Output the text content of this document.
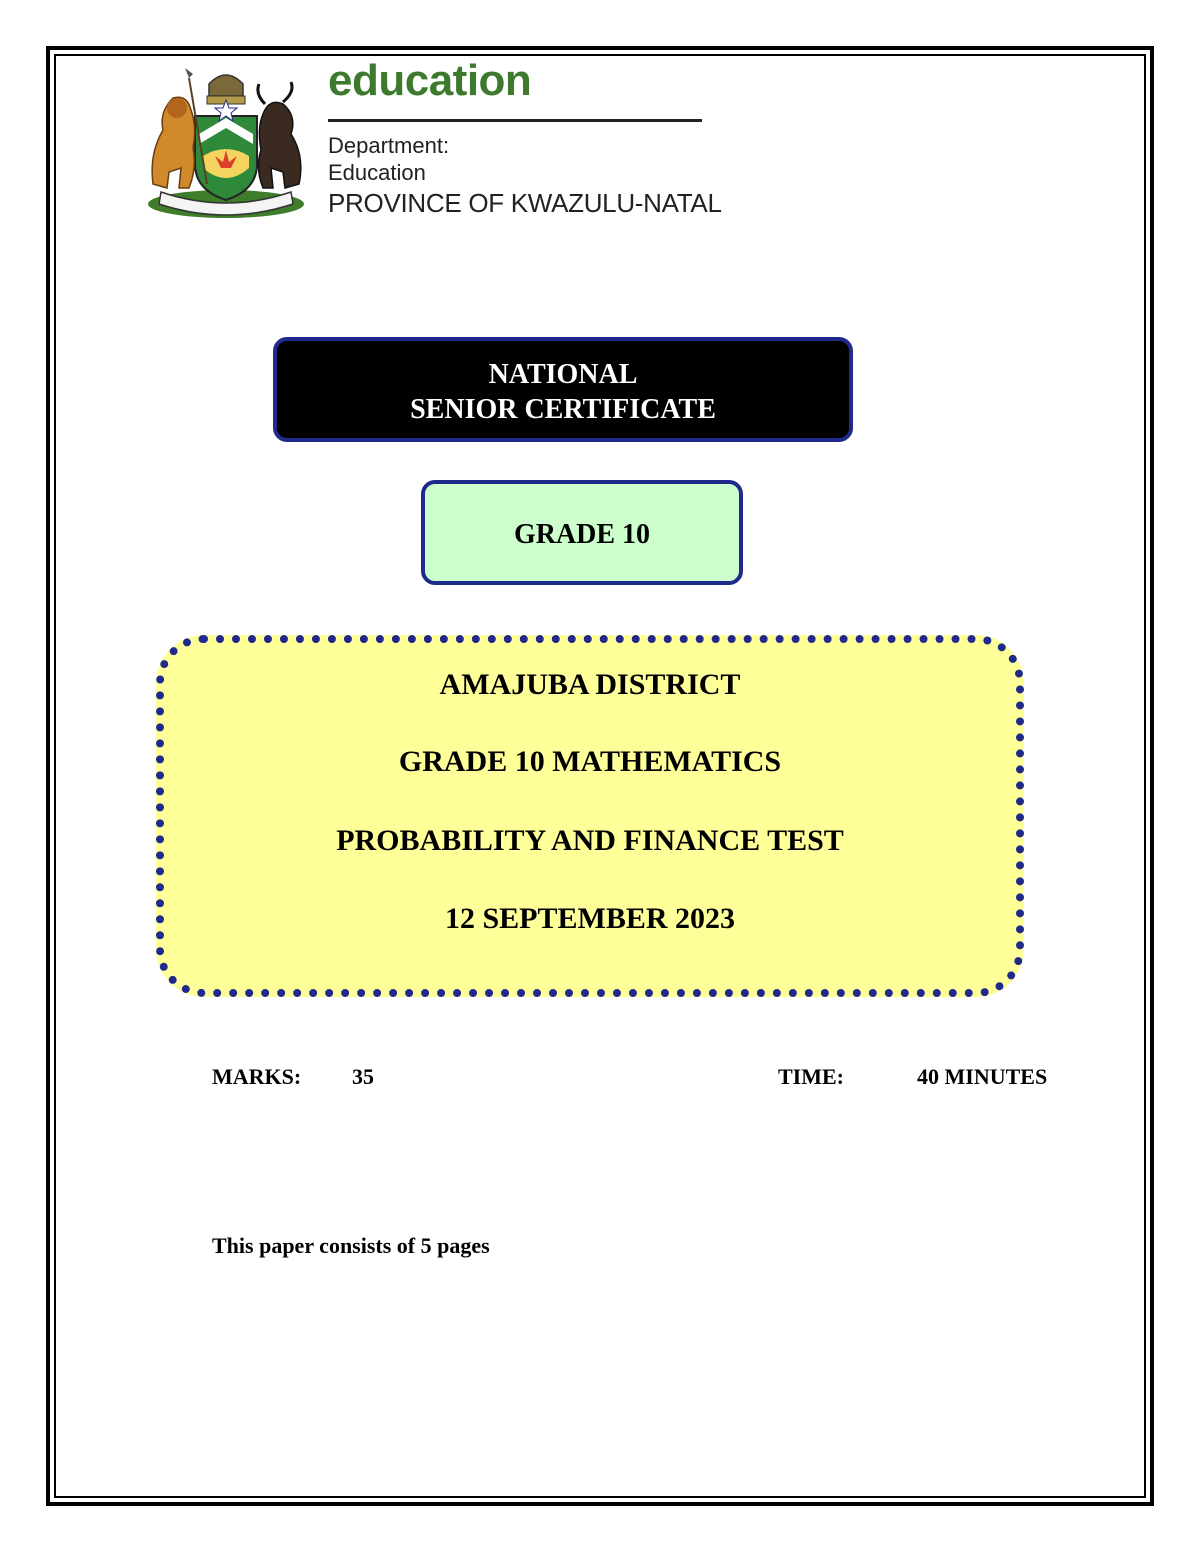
education
Department:
Education
PROVINCE OF KWAZULU-NATAL
NATIONAL
SENIOR CERTIFICATE
GRADE 10
AMAJUBA DISTRICT
GRADE 10 MATHEMATICS
PROBABILITY AND FINANCE TEST
12 SEPTEMBER 2023
MARKS: 35	TIME:	40 MINUTES
This paper consists of 5 pages
